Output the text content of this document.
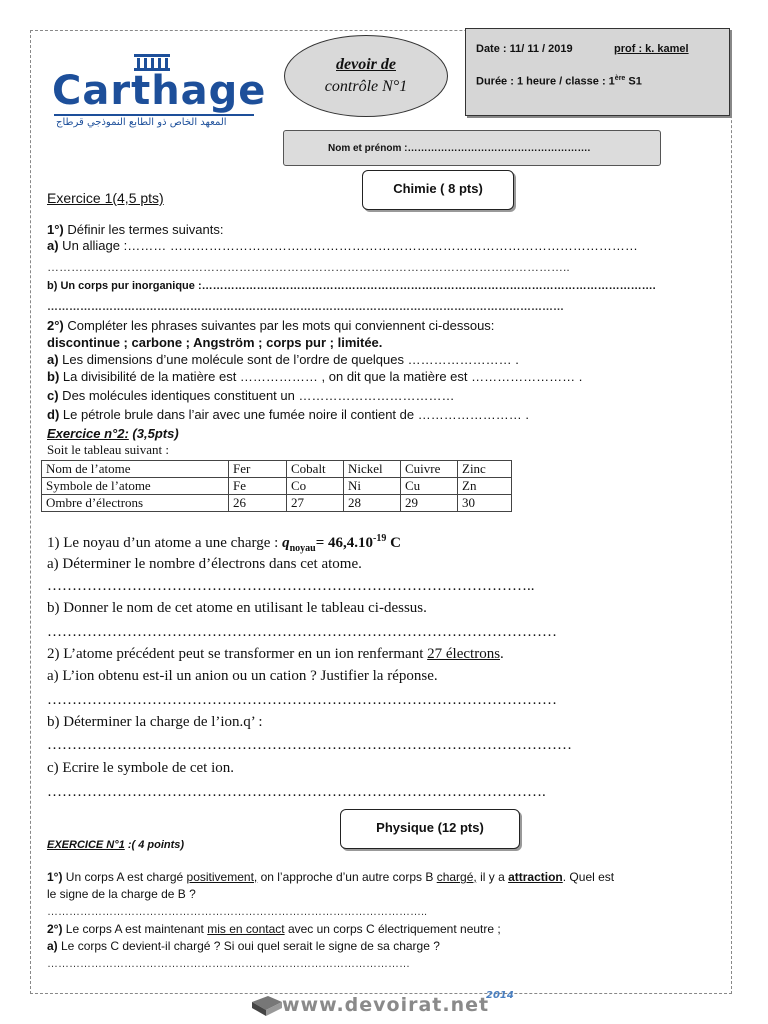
Carthage
المعهد الخاص ذو الطابع النموذجي قرطاج
devoir de
contrôle N°1
Date : 11/ 11 / 2019	prof : k. kamel
Durée : 1 heure / classe : 1ère S1
Nom et prénom :……………………………………………….
Chimie ( 8 pts)
Exercice 1(4,5 pts)
1°) Définir les termes suivants:
a) Un alliage :……… ………………………………………………………………………………………………
…………………………………………………………………………………………………………………..
b) Un corps pur inorganique :…………………………………………………………………………………………………………….
……………………………………………………………………………………………………………………………
2°) Compléter les phrases suivantes par les mots qui conviennent ci-dessous:
discontinue ; carbone ; Angström ; corps pur ; limitée.
a) Les dimensions d’une molécule sont de l’ordre de quelques …………………… .
b) La divisibilité de la matière est ……………… , on dit que la matière est …………………… .
c) Des molécules identiques constituent un ………………………………
d) Le pétrole brule dans l’air avec une fumée noire il contient de …………………… .
Exercice n°2: (3,5pts)
Soit le tableau suivant :
Nom de l’atome	Fer	Cobalt	Nickel	Cuivre	Zinc
Symbole de l’atome	Fe	Co	Ni	Cu	Zn
Ombre d’électrons	26	27	28	29	30
1) Le noyau d’un atome a une charge : $q_{noyau}= 46,4.10^{-19}$ C
a) Déterminer le nombre d’électrons dans cet atome.
……………………………………………………………………………………..
b) Donner le nom de cet atome en utilisant le tableau ci-dessus.
…………………………………………………………………………………………
2) L’atome précédent peut se transformer en un ion renfermant 27 électrons.
a) L’ion obtenu est-il un anion ou un cation ? Justifier la réponse.
…………………………………………………………………………………………
b) Déterminer la charge de l’ion.q’ :
……………………………………………………………………………………………
c) Ecrire le symbole de cet ion.
……………………………………………………………………………………….
Physique (12 pts)
EXERCICE N°1 :( 4 points)
1°) Un corps A est chargé positivement, on l’approche d’un autre corps B chargé, il y a attraction. Quel est
le signe de la charge de B ?
…………………………………………………………………………………………..
2°) Le corps A est maintenant mis en contact avec un corps C électriquement neutre ;
a) Le corps C devient-il chargé ? Si oui quel serait le signe de sa charge ?
………………………………………………………………………………………
www.devoirat.net
2014
